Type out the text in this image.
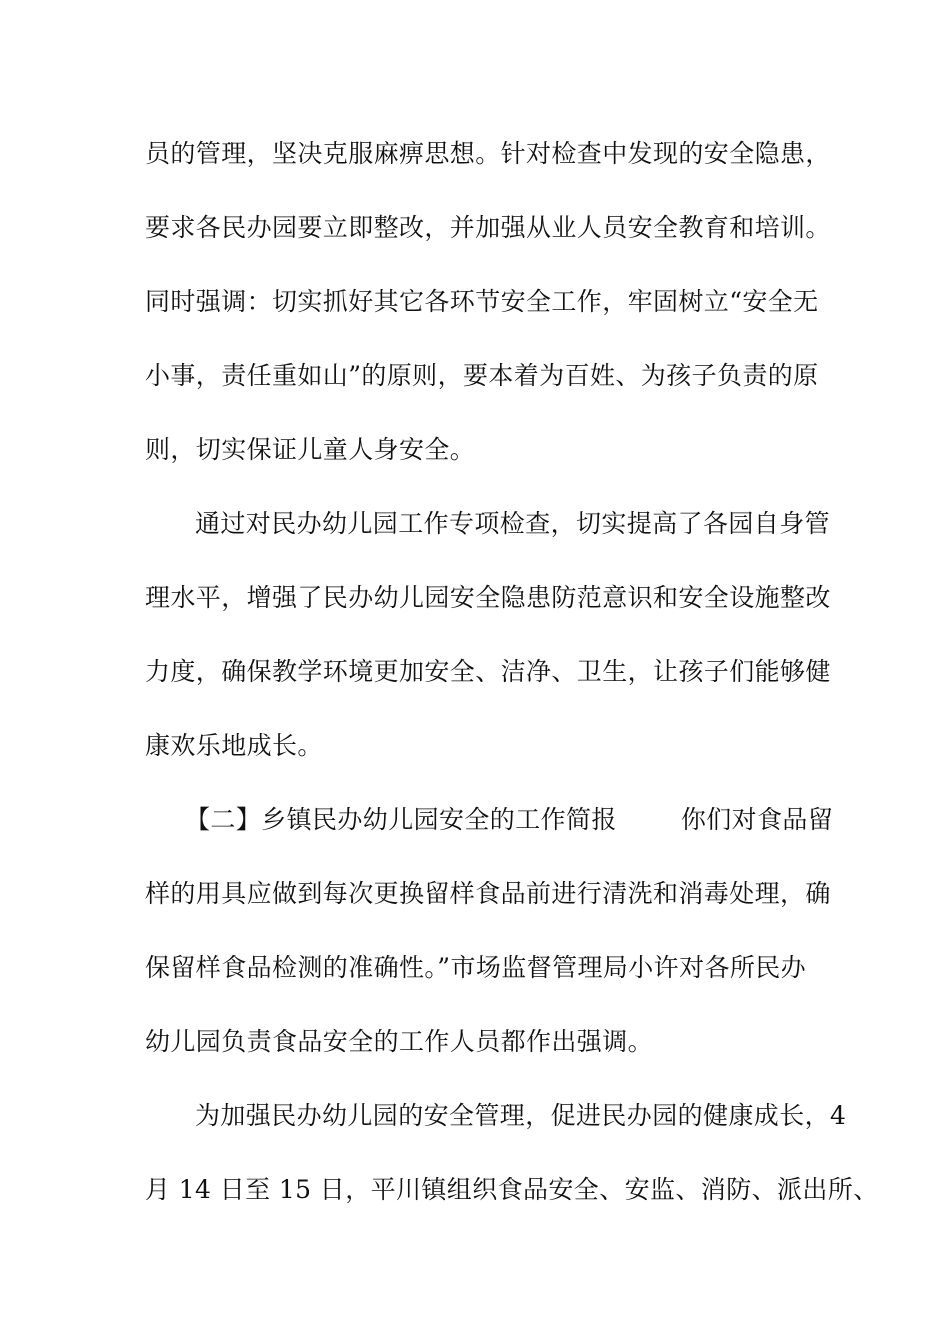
员的管理，坚决克服麻痹思想。针对检查中发现的安全隐患，
要求各民办园要立即整改，并加强从业人员安全教育和培训。
同时强调：切实抓好其它各环节安全工作，牢固树立“安全无
小事，责任重如山”的原则，要本着为百姓、为孩子负责的原
则，切实保证儿童人身安全。
通过对民办幼儿园工作专项检查，切实提高了各园自身管
理水平，增强了民办幼儿园安全隐患防范意识和安全设施整改
力度，确保教学环境更加安全、洁净、卫生，让孩子们能够健
康欢乐地成长。
【二】乡镇民办幼儿园安全的工作简报	你们对食品留
样的用具应做到每次更换留样食品前进行清洗和消毒处理，确
保留样食品检测的准确性。”市场监督管理局小许对各所民办
幼儿园负责食品安全的工作人员都作出强调。
为加强民办幼儿园的安全管理，促进民办园的健康成长，4
月 14 日至 15 日，平川镇组织食品安全、安监、消防、派出所、
